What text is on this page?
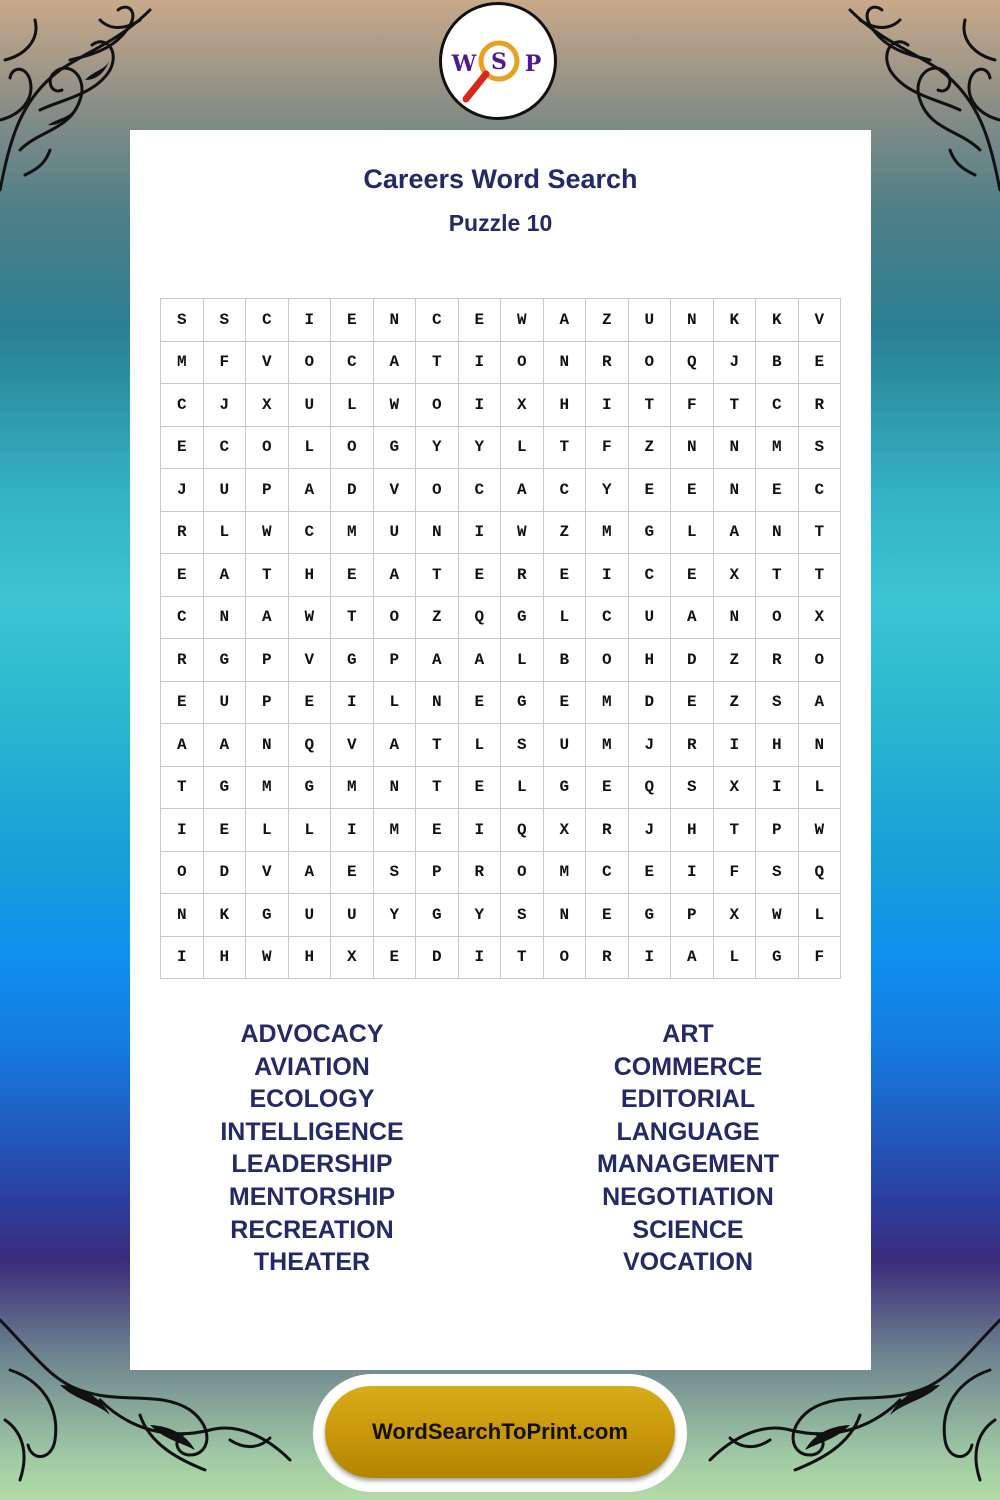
W S P
Careers Word Search
Puzzle 10
S	S	C	I	E	N	C	E	W	A	Z	U	N	K	K	V
M	F	V	O	C	A	T	I	O	N	R	O	Q	J	B	E
C	J	X	U	L	W	O	I	X	H	I	T	F	T	C	R
E	C	O	L	O	G	Y	Y	L	T	F	Z	N	N	M	S
J	U	P	A	D	V	O	C	A	C	Y	E	E	N	E	C
R	L	W	C	M	U	N	I	W	Z	M	G	L	A	N	T
E	A	T	H	E	A	T	E	R	E	I	C	E	X	T	T
C	N	A	W	T	O	Z	Q	G	L	C	U	A	N	O	X
R	G	P	V	G	P	A	A	L	B	O	H	D	Z	R	O
E	U	P	E	I	L	N	E	G	E	M	D	E	Z	S	A
A	A	N	Q	V	A	T	L	S	U	M	J	R	I	H	N
T	G	M	G	M	N	T	E	L	G	E	Q	S	X	I	L
I	E	L	L	I	M	E	I	Q	X	R	J	H	T	P	W
O	D	V	A	E	S	P	R	O	M	C	E	I	F	S	Q
N	K	G	U	U	Y	G	Y	S	N	E	G	P	X	W	L
I	H	W	H	X	E	D	I	T	O	R	I	A	L	G	F
ADVOCACY
AVIATION
ECOLOGY
INTELLIGENCE
LEADERSHIP
MENTORSHIP
RECREATION
THEATER
ART
COMMERCE
EDITORIAL
LANGUAGE
MANAGEMENT
NEGOTIATION
SCIENCE
VOCATION
WordSearchToPrint.com
